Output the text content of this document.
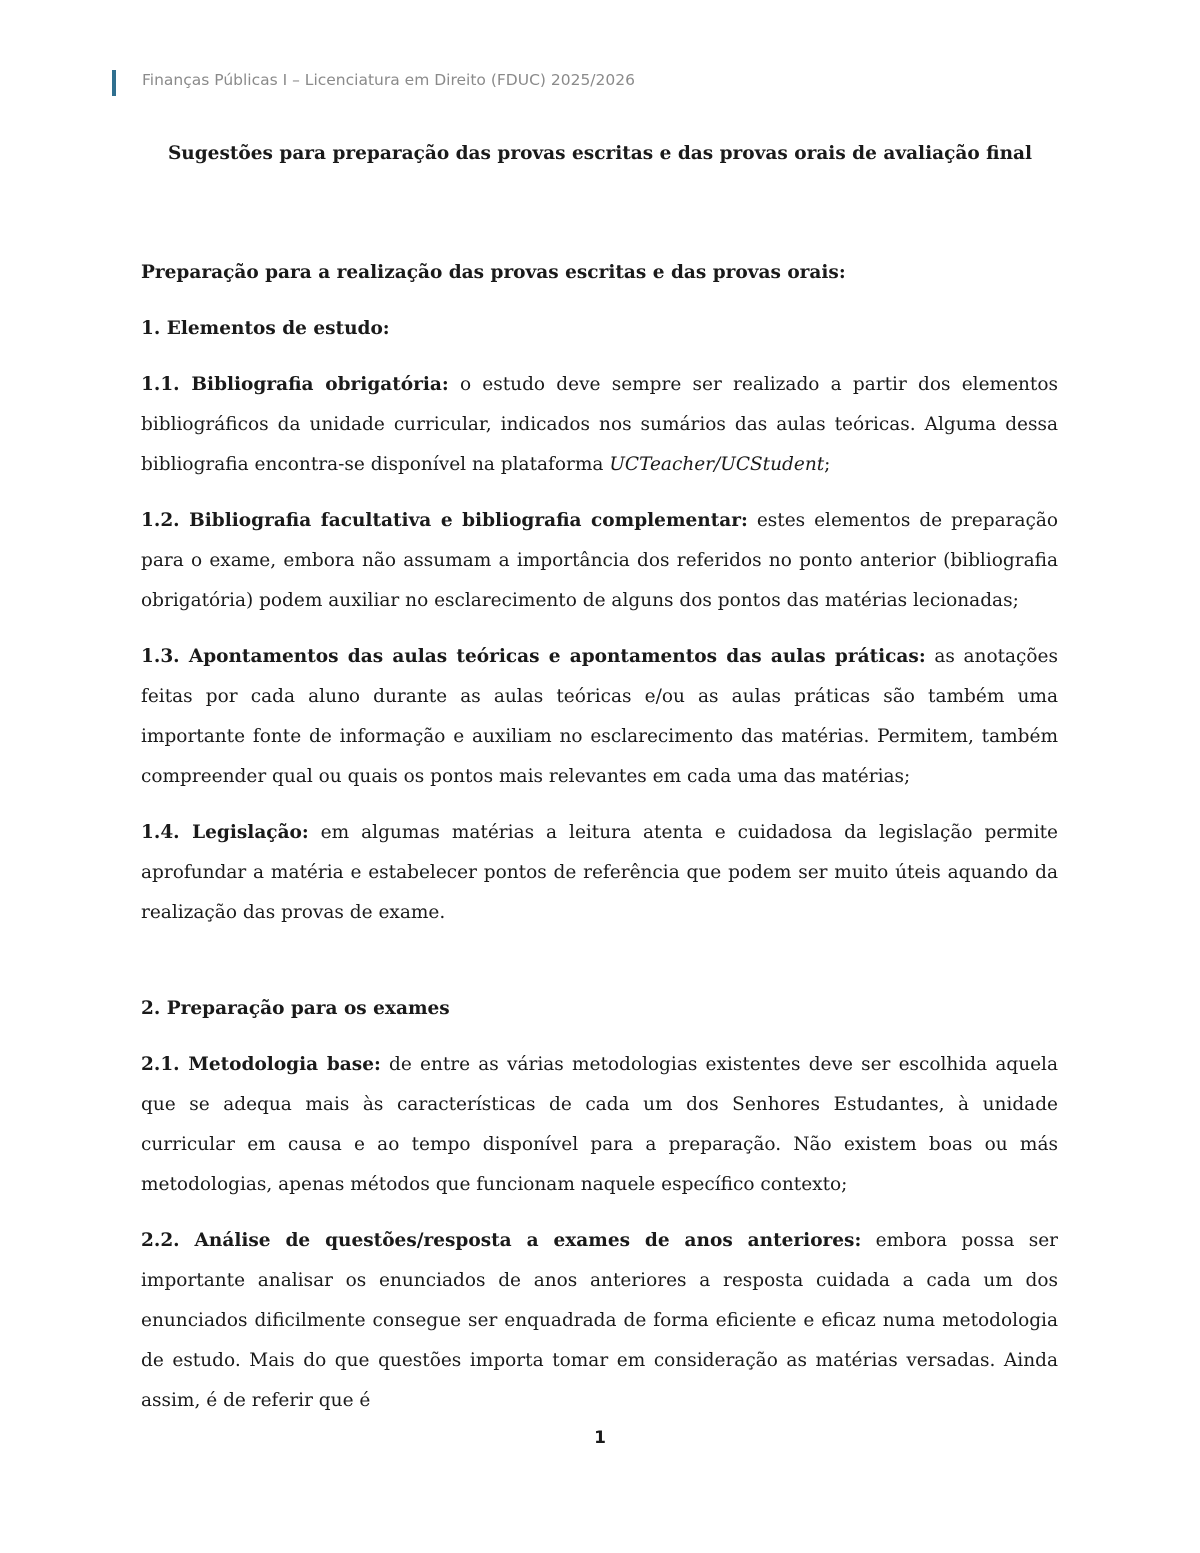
Finanças Públicas I – Licenciatura em Direito (FDUC) 2025/2026
Sugestões para preparação das provas escritas e das provas orais de avaliação final

Preparação para a realização das provas escritas e das provas orais:

1. Elementos de estudo:

1.1. Bibliografia obrigatória: o estudo deve sempre ser realizado a partir dos elementos bibliográficos da unidade curricular, indicados nos sumários das aulas teóricas. Alguma dessa bibliografia encontra-se disponível na plataforma UCTeacher/UCStudent;

1.2. Bibliografia facultativa e bibliografia complementar: estes elementos de preparação para o exame, embora não assumam a importância dos referidos no ponto anterior (bibliografia obrigatória) podem auxiliar no esclarecimento de alguns dos pontos das matérias lecionadas;

1.3. Apontamentos das aulas teóricas e apontamentos das aulas práticas: as anotações feitas por cada aluno durante as aulas teóricas e/ou as aulas práticas são também uma importante fonte de informação e auxiliam no esclarecimento das matérias. Permitem, também compreender qual ou quais os pontos mais relevantes em cada uma das matérias;

1.4. Legislação: em algumas matérias a leitura atenta e cuidadosa da legislação permite aprofundar a matéria e estabelecer pontos de referência que podem ser muito úteis aquando da realização das provas de exame.

2. Preparação para os exames

2.1. Metodologia base: de entre as várias metodologias existentes deve ser escolhida aquela que se adequa mais às características de cada um dos Senhores Estudantes, à unidade curricular em causa e ao tempo disponível para a preparação. Não existem boas ou más metodologias, apenas métodos que funcionam naquele específico contexto;

2.2. Análise de questões/resposta a exames de anos anteriores: embora possa ser importante analisar os enunciados de anos anteriores a resposta cuidada a cada um dos enunciados dificilmente consegue ser enquadrada de forma eficiente e eficaz numa metodologia de estudo. Mais do que questões importa tomar em consideração as matérias versadas. Ainda assim, é de referir que é

1
